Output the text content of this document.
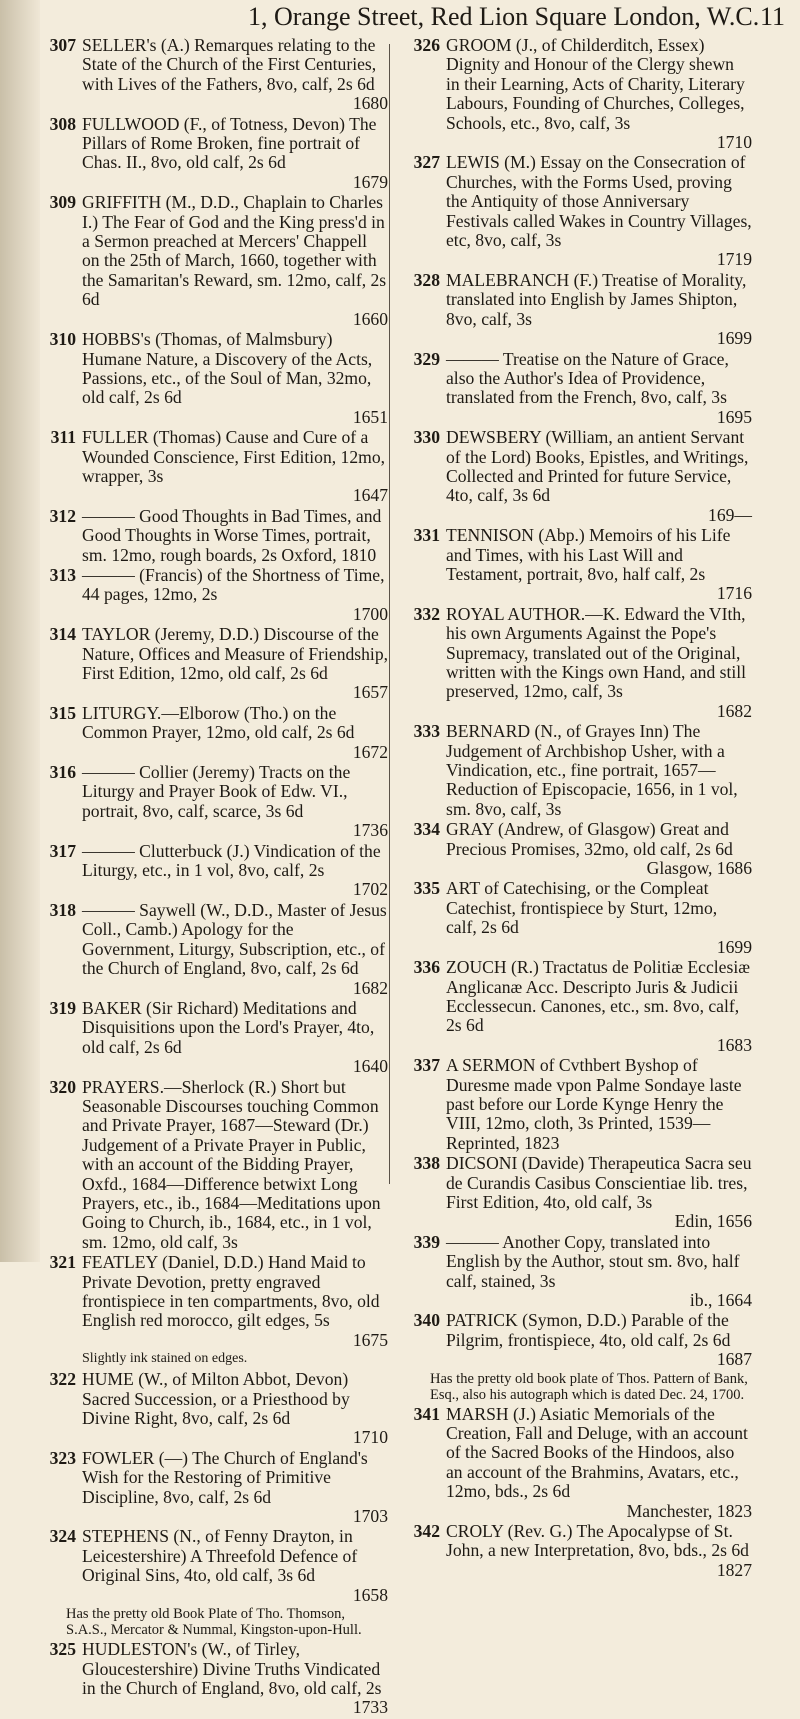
1, Orange Street, Red Lion Square London, W.C. 11
307 SELLER's (A.) Remarques relating to the State of the Church of the First Centuries, with Lives of the Fathers, 8vo, calf, 2s 6d
1680
308 FULLWOOD (F., of Totness, Devon) The Pillars of Rome Broken, fine portrait of Chas. II., 8vo, old calf, 2s 6d
1679
309 GRIFFITH (M., D.D., Chaplain to Charles I.) The Fear of God and the King press'd in a Sermon preached at Mercers' Chappell on the 25th of March, 1660, together with the Samaritan's Reward, sm. 12mo, calf, 2s 6d
1660
310 HOBBS's (Thomas, of Malmsbury) Humane Nature, a Discovery of the Acts, Passions, etc., of the Soul of Man, 32mo, old calf, 2s 6d
1651
311 FULLER (Thomas) Cause and Cure of a Wounded Conscience, First Edition, 12mo, wrapper, 3s
1647
312 ——— Good Thoughts in Bad Times, and Good Thoughts in Worse Times, portrait, sm. 12mo, rough boards, 2s Oxford, 1810
313 ——— (Francis) of the Shortness of Time, 44 pages, 12mo, 2s
1700
314 TAYLOR (Jeremy, D.D.) Discourse of the Nature, Offices and Measure of Friendship, First Edition, 12mo, old calf, 2s 6d
1657
315 LITURGY.—Elborow (Tho.) on the Common Prayer, 12mo, old calf, 2s 6d
1672
316 ——— Collier (Jeremy) Tracts on the Liturgy and Prayer Book of Edw. VI., portrait, 8vo, calf, scarce, 3s 6d
1736
317 ——— Clutterbuck (J.) Vindication of the Liturgy, etc., in 1 vol, 8vo, calf, 2s
1702
318 ——— Saywell (W., D.D., Master of Jesus Coll., Camb.) Apology for the Government, Liturgy, Subscription, etc., of the Church of England, 8vo, calf, 2s 6d
1682
319 BAKER (Sir Richard) Meditations and Disquisitions upon the Lord's Prayer, 4to, old calf, 2s 6d
1640
320 PRAYERS.—Sherlock (R.) Short but Seasonable Discourses touching Common and Private Prayer, 1687—Steward (Dr.) Judgement of a Private Prayer in Public, with an account of the Bidding Prayer, Oxfd., 1684—Difference betwixt Long Prayers, etc., ib., 1684—Meditations upon Going to Church, ib., 1684, etc., in 1 vol, sm. 12mo, old calf, 3s
321 FEATLEY (Daniel, D.D.) Hand Maid to Private Devotion, pretty engraved frontispiece in ten compartments, 8vo, old English red morocco, gilt edges, 5s
1675
Slightly ink stained on edges.
322 HUME (W., of Milton Abbot, Devon) Sacred Succession, or a Priesthood by Divine Right, 8vo, calf, 2s 6d
1710
323 FOWLER (—) The Church of England's Wish for the Restoring of Primitive Discipline, 8vo, calf, 2s 6d
1703
324 STEPHENS (N., of Fenny Drayton, in Leicestershire) A Threefold Defence of Original Sins, 4to, old calf, 3s 6d
1658
Has the pretty old Book Plate of Tho. Thomson, S.A.S., Mercator & Nummal, Kingston-upon-Hull.
325 HUDLESTON's (W., of Tirley, Gloucestershire) Divine Truths Vindicated in the Church of England, 8vo, old calf, 2s
1733
326 GROOM (J., of Childerditch, Essex) Dignity and Honour of the Clergy shewn in their Learning, Acts of Charity, Literary Labours, Founding of Churches, Colleges, Schools, etc., 8vo, calf, 3s
1710
327 LEWIS (M.) Essay on the Consecration of Churches, with the Forms Used, proving the Antiquity of those Anniversary Festivals called Wakes in Country Villages, etc, 8vo, calf, 3s
1719
328 MALEBRANCH (F.) Treatise of Morality, translated into English by James Shipton, 8vo, calf, 3s
1699
329 ——— Treatise on the Nature of Grace, also the Author's Idea of Providence, translated from the French, 8vo, calf, 3s
1695
330 DEWSBERY (William, an antient Servant of the Lord) Books, Epistles, and Writings, Collected and Printed for future Service, 4to, calf, 3s 6d
169—
331 TENNISON (Abp.) Memoirs of his Life and Times, with his Last Will and Testament, portrait, 8vo, half calf, 2s
1716
332 ROYAL AUTHOR.—K. Edward the VIth, his own Arguments Against the Pope's Supremacy, translated out of the Original, written with the Kings own Hand, and still preserved, 12mo, calf, 3s
1682
333 BERNARD (N., of Grayes Inn) The Judgement of Archbishop Usher, with a Vindication, etc., fine portrait, 1657—Reduction of Episcopacie, 1656, in 1 vol, sm. 8vo, calf, 3s
334 GRAY (Andrew, of Glasgow) Great and Precious Promises, 32mo, old calf, 2s 6d
Glasgow, 1686
335 ART of Catechising, or the Compleat Catechist, frontispiece by Sturt, 12mo, calf, 2s 6d
1699
336 ZOUCH (R.) Tractatus de Politiæ Ecclesiæ Anglicanæ Acc. Descripto Juris & Judicii Ecclessecun. Canones, etc., sm. 8vo, calf, 2s 6d
1683
337 A SERMON of Cvthbert Byshop of Duresme made vpon Palme Sondaye laste past before our Lorde Kynge Henry the VIII, 12mo, cloth, 3s Printed, 1539—Reprinted, 1823
338 DICSONI (Davide) Therapeutica Sacra seu de Curandis Casibus Conscientiae lib. tres, First Edition, 4to, old calf, 3s
Edin, 1656
339 ——— Another Copy, translated into English by the Author, stout sm. 8vo, half calf, stained, 3s
ib., 1664
340 PATRICK (Symon, D.D.) Parable of the Pilgrim, frontispiece, 4to, old calf, 2s 6d
1687
Has the pretty old book plate of Thos. Pattern of Bank, Esq., also his autograph which is dated Dec. 24, 1700.
341 MARSH (J.) Asiatic Memorials of the Creation, Fall and Deluge, with an account of the Sacred Books of the Hindoos, also an account of the Brahmins, Avatars, etc., 12mo, bds., 2s 6d
Manchester, 1823
342 CROLY (Rev. G.) The Apocalypse of St. John, a new Interpretation, 8vo, bds., 2s 6d
1827
